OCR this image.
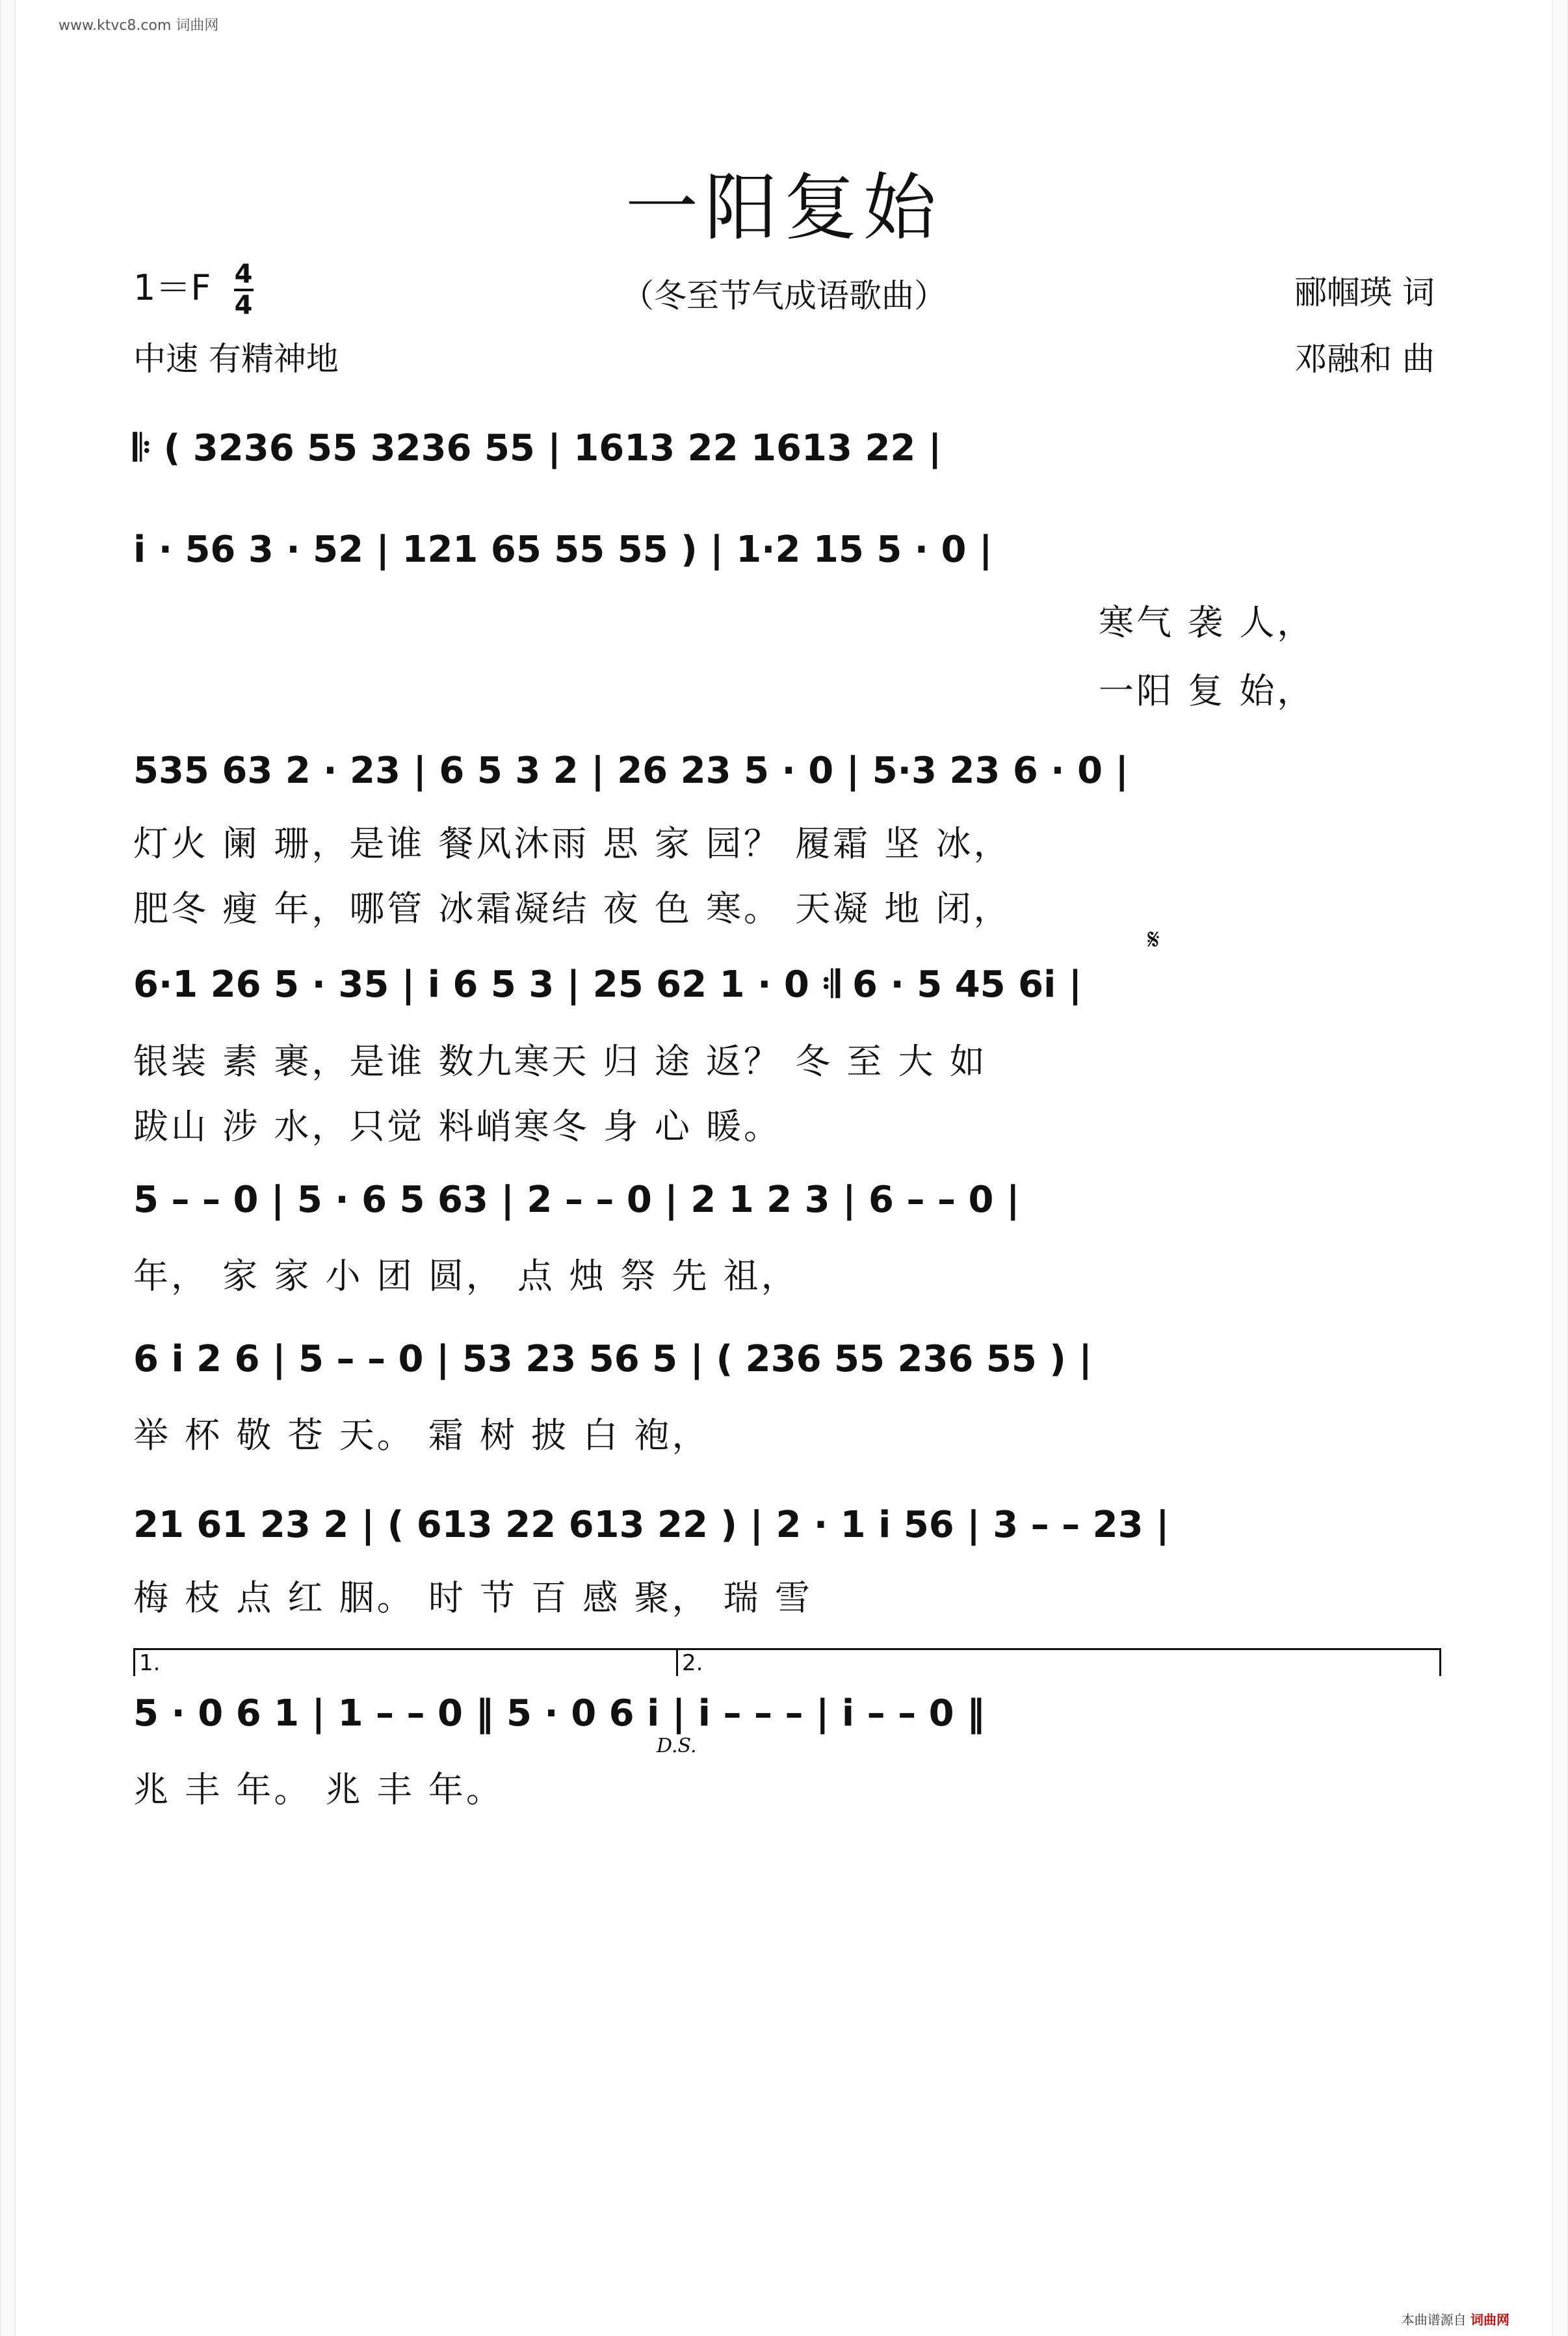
www.ktvc8.com 词曲网
一阳复始
$1=F \frac{4}{4}$	（冬至节气成语歌曲）	郦帼瑛 词
邓融和 曲
中速 有精神地
𝄋
𝄆 ( 3236 55 3236 55 | 1613 22 1613 22 |
i · 56 3 · 52 | 121 65 55 55 ) | 1·2 15 5 · 0 |
寒气 袭 人，
一阳 复 始，
535 63 2 · 23 | 6 5 3 2 | 26 23 5 · 0 | 5·3 23 6 · 0 |
灯火 阑 珊，是谁 餐风沐雨 思 家 园？ 履霜 坚 冰，
肥冬 瘦 年，哪管 冰霜凝结 夜 色 寒。 天凝 地 闭，
6·1 26 5 · 35 | i 6 5 3 | 25 62 1 · 0 𝄇 6 · 5 45 6i |
银装 素 裹，是谁 数九寒天 归 途 返？ 冬 至 大 如
跋山 涉 水，只觉 料峭寒冬 身 心 暖。
5 – – 0 | 5 · 6 5 63 | 2 – – 0 | 2 1 2 3 | 6 – – 0 |
年， 家 家 小 团 圆， 点 烛 祭 先 祖，
6 i 2 6 | 5 – – 0 | 53 23 56 5 | ( 236 55 236 55 ) |
举 杯 敬 苍 天。 霜 树 披 白 袍，
21 61 23 2 | ( 613 22 613 22 ) | 2 · 1 i 56 | 3 – – 23 |
梅 枝 点 红 胭。 时 节 百 感 聚， 瑞 雪
1.	2.
5 · 0 6 1 | 1 – – 0 ‖ 5 · 0 6 i | i – – – | i – – 0 ‖
D.S.
兆 丰 年。 兆 丰 年。
本曲谱源自 词曲网
